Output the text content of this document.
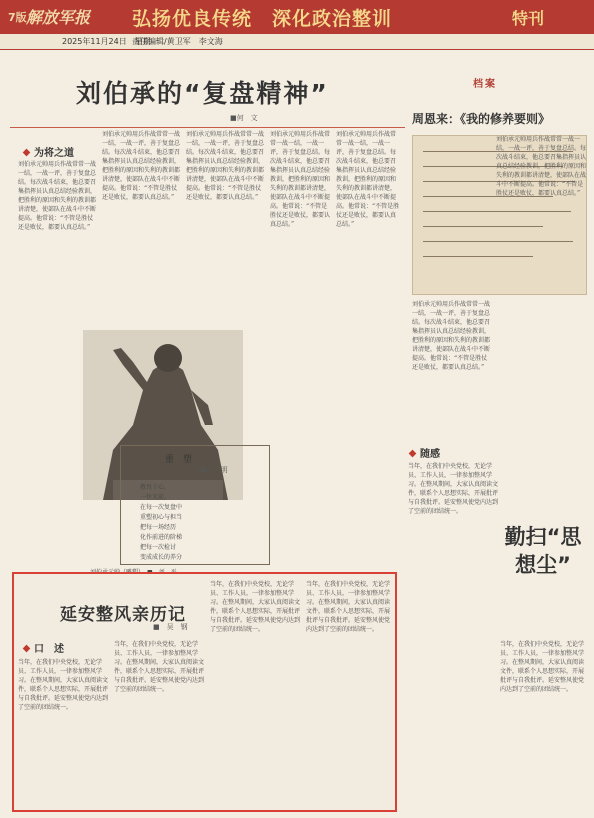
7版 解放军报 弘扬优良传统　深化政治整训	特刊
2025年11月24日　星期一
责任编辑/黄卫军　李文海
刘伯承的“复盘精神”
■何　文
为将之道
刘伯承元帅用兵作战常常一战一结，一战一评，善于复盘总结。每次战斗结束，他总要召集指挥员认真总结经验教训，把胜利的原因和失利的教训都讲清楚，使部队在战斗中不断提高。他常说：“不管是胜仗还是败仗，都要认真总结。”
刘伯承元帅用兵作战常常一战一结，一战一评，善于复盘总结。每次战斗结束，他总要召集指挥员认真总结经验教训，把胜利的原因和失利的教训都讲清楚，使部队在战斗中不断提高。他常说：“不管是胜仗还是败仗，都要认真总结。”
刘伯承元帅用兵作战常常一战一结，一战一评，善于复盘总结。每次战斗结束，他总要召集指挥员认真总结经验教训，把胜利的原因和失利的教训都讲清楚，使部队在战斗中不断提高。他常说：“不管是胜仗还是败仗，都要认真总结。”
刘伯承元帅用兵作战常常一战一结，一战一评，善于复盘总结。每次战斗结束，他总要召集指挥员认真总结经验教训，把胜利的原因和失利的教训都讲清楚，使部队在战斗中不断提高。他常说：“不管是胜仗还是败仗，都要认真总结。”
刘伯承元帅用兵作战常常一战一结，一战一评，善于复盘总结。每次战斗结束，他总要召集指挥员认真总结经验教训，把胜利的原因和失利的教训都讲清楚，使部队在战斗中不断提高。他常说：“不管是胜仗还是败仗，都要认真总结。”
重　塑
■宁　明
敬畏于心，
一往无前，
在每一次复盘中
重塑初心与担当
把每一场经历
化作前进的阶梯
把每一次检讨
变成成长的养分
档案
周恩来：《我的修养要则》
刘伯承元帅用兵作战常常一战一结，一战一评，善于复盘总结。每次战斗结束，他总要召集指挥员认真总结经验教训，把胜利的原因和失利的教训都讲清楚，使部队在战斗中不断提高。他常说：“不管是胜仗还是败仗，都要认真总结。”
刘伯承元帅用兵作战常常一战一结，一战一评，善于复盘总结。每次战斗结束，他总要召集指挥员认真总结经验教训，把胜利的原因和失利的教训都讲清楚，使部队在战斗中不断提高。他常说：“不管是胜仗还是败仗，都要认真总结。”
随感
当年，在我们中央党校，无论学员、工作人员，一律参加整风学习。在整风期间，大家认真阅读文件，联系个人思想实际，开展批评与自我批评。延安整风使党内达到了空前的团结统一。
勤扫“思想尘”
当年，在我们中央党校，无论学员、工作人员，一律参加整风学习。在整风期间，大家认真阅读文件，联系个人思想实际，开展批评与自我批评。延安整风使党内达到了空前的团结统一。
延安整风亲历记
■　吴　钢
口　述
当年，在我们中央党校，无论学员、工作人员，一律参加整风学习。在整风期间，大家认真阅读文件，联系个人思想实际，开展批评与自我批评。延安整风使党内达到了空前的团结统一。
当年，在我们中央党校，无论学员、工作人员，一律参加整风学习。在整风期间，大家认真阅读文件，联系个人思想实际，开展批评与自我批评。延安整风使党内达到了空前的团结统一。
当年，在我们中央党校，无论学员、工作人员，一律参加整风学习。在整风期间，大家认真阅读文件，联系个人思想实际，开展批评与自我批评。延安整风使党内达到了空前的团结统一。
当年，在我们中央党校，无论学员、工作人员，一律参加整风学习。在整风期间，大家认真阅读文件，联系个人思想实际，开展批评与自我批评。延安整风使党内达到了空前的团结统一。
